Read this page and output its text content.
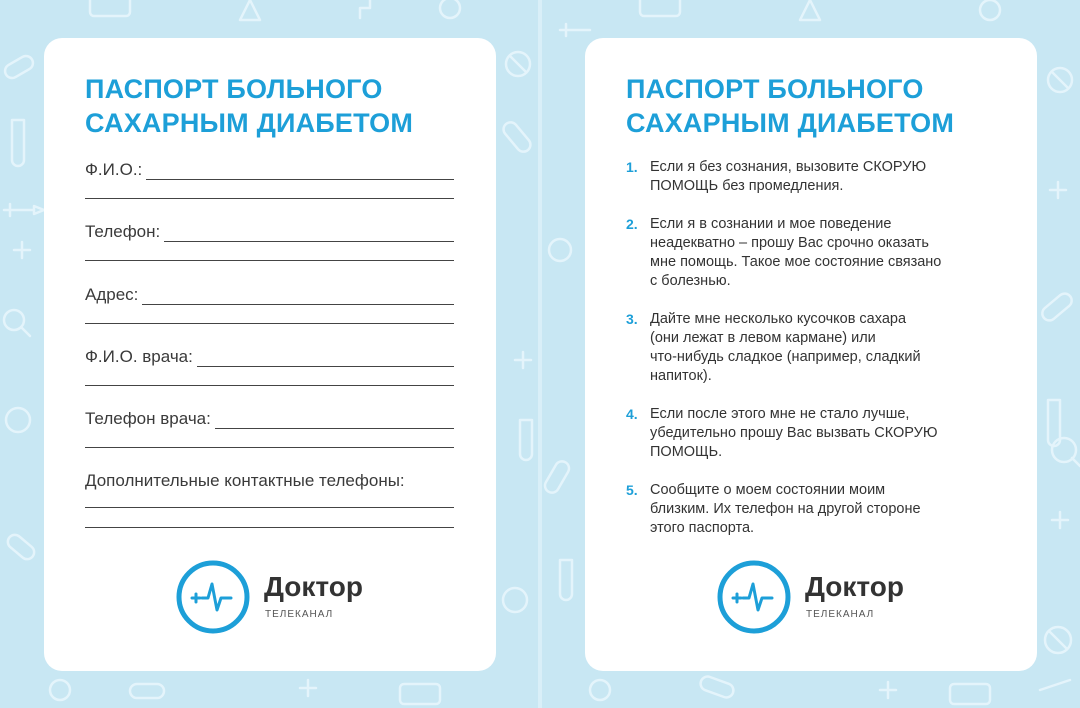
ПАСПОРТ БОЛЬНОГО
САХАРНЫМ ДИАБЕТОМ
Ф.И.О.:
Телефон:
Адрес:
Ф.И.О. врача:
Телефон врача:
Дополнительные контактные телефоны:
Доктор
ТЕЛЕКАНАЛ
ПАСПОРТ БОЛЬНОГО
САХАРНЫМ ДИАБЕТОМ
1. Если я без сознания, вызовите СКОРУЮ
ПОМОЩЬ без промедления.
2. Если я в сознании и мое поведение
неадекватно – прошу Вас срочно оказать
мне помощь. Такое мое состояние связано
с болезнью.
3. Дайте мне несколько кусочков сахара
(они лежат в левом кармане) или
что-нибудь сладкое (например, сладкий
напиток).
4. Если после этого мне не стало лучше,
убедительно прошу Вас вызвать СКОРУЮ
ПОМОЩЬ.
5. Сообщите о моем состоянии моим
близким. Их телефон на другой стороне
этого паспорта.
Доктор
ТЕЛЕКАНАЛ
